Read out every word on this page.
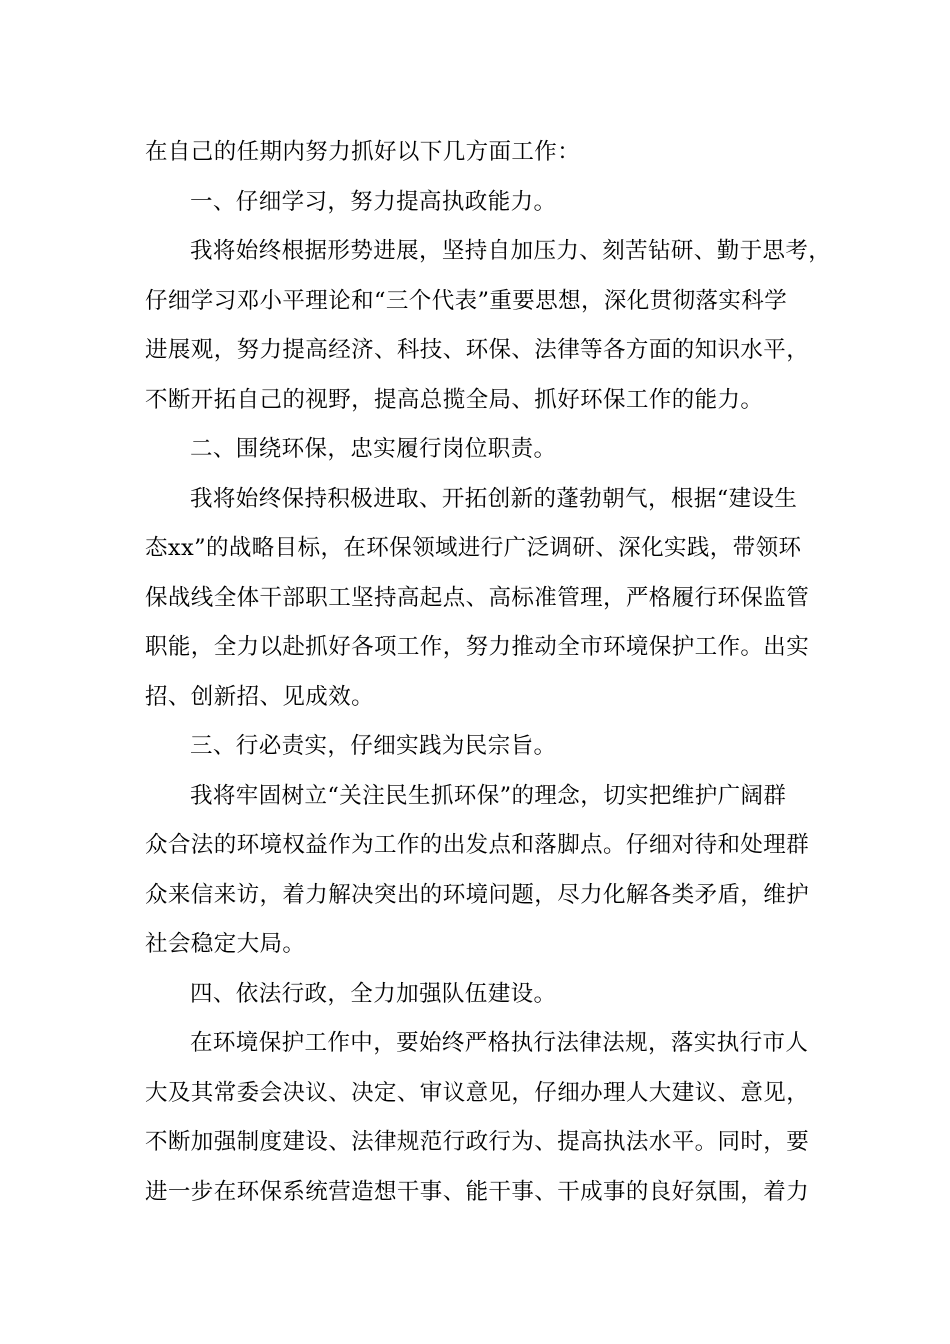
在自己的任期内努力抓好以下几方面工作：
一、仔细学习，努力提高执政能力。
我将始终根据形势进展，坚持自加压力、刻苦钻研、勤于思考，
仔细学习邓小平理论和“三个代表”重要思想，深化贯彻落实科学
进展观，努力提高经济、科技、环保、法律等各方面的知识水平，
不断开拓自己的视野，提高总揽全局、抓好环保工作的能力。
二、围绕环保，忠实履行岗位职责。
我将始终保持积极进取、开拓创新的蓬勃朝气，根据“建设生
态xx”的战略目标，在环保领域进行广泛调研、深化实践，带领环
保战线全体干部职工坚持高起点、高标准管理，严格履行环保监管
职能，全力以赴抓好各项工作，努力推动全市环境保护工作。出实
招、创新招、见成效。
三、行必责实，仔细实践为民宗旨。
我将牢固树立“关注民生抓环保”的理念，切实把维护广阔群
众合法的环境权益作为工作的出发点和落脚点。仔细对待和处理群
众来信来访，着力解决突出的环境问题，尽力化解各类矛盾，维护
社会稳定大局。
四、依法行政，全力加强队伍建设。
在环境保护工作中，要始终严格执行法律法规，落实执行市人
大及其常委会决议、决定、审议意见，仔细办理人大建议、意见，
不断加强制度建设、法律规范行政行为、提高执法水平。同时，要
进一步在环保系统营造想干事、能干事、干成事的良好氛围，着力
